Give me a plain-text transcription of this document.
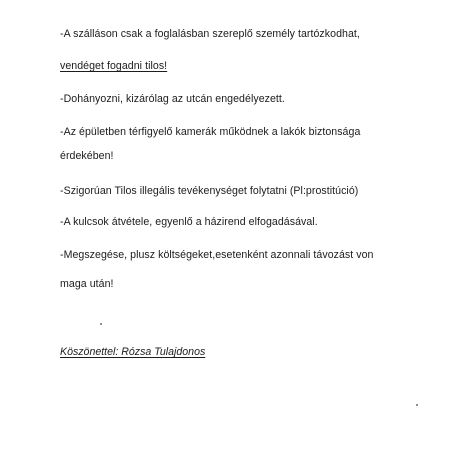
-A szálláson csak a foglalásban szereplő személy tartózkodhat,
vendéget fogadni tilos!
-Dohányozni, kizárólag az utcán engedélyezett.
-Az épületben térfigyelő kamerák működnek a lakók biztonsága
érdekében!
-Szigorúan Tilos illegális tevékenységet folytatni (Pl:prostitúció)
-A kulcsok átvétele, egyenlő a házirend elfogadásával.
-Megszegése, plusz költségeket,esetenként azonnali távozást von
maga után!
Köszönettel: Rózsa Tulajdonos
